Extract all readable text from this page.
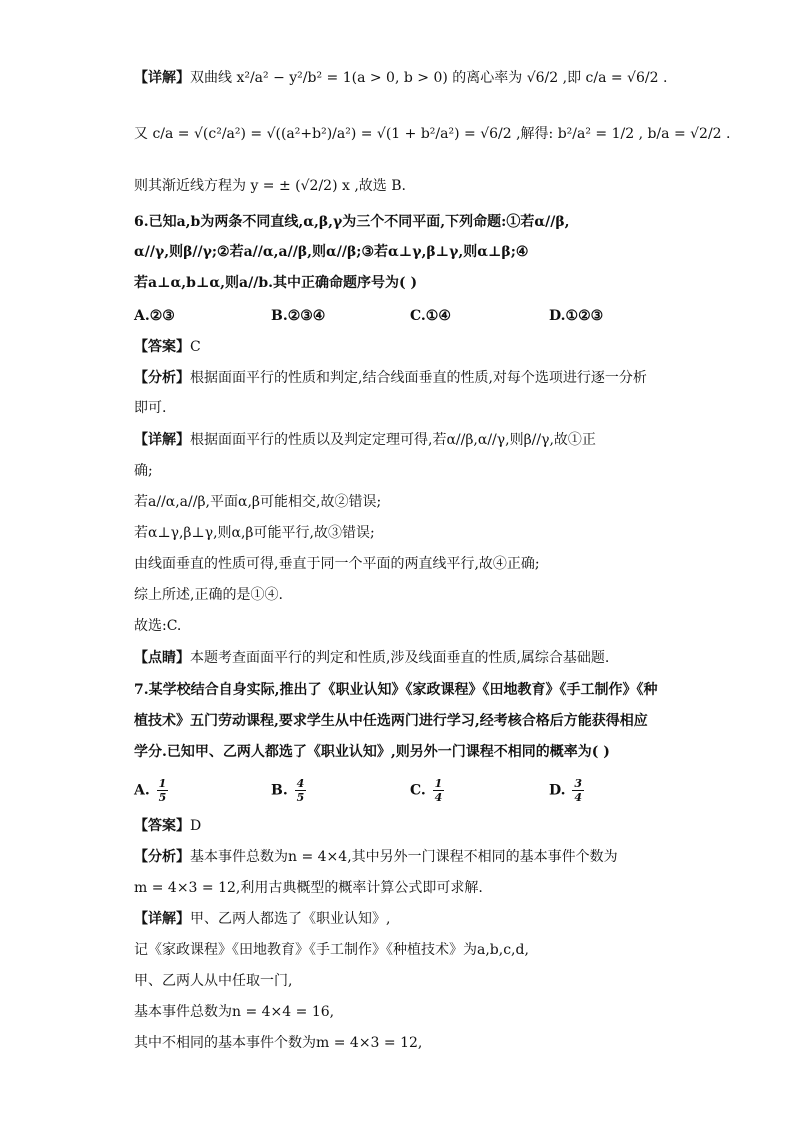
【详解】双曲线 x²/a² − y²/b² = 1(a > 0, b > 0) 的离心率为 √6/2 ,即 c/a = √6/2 .
又 c/a = √(c²/a²) = √((a²+b²)/a²) = √(1 + b²/a²) = √6/2 ,解得: b²/a² = 1/2 , b/a = √2/2 .
则其渐近线方程为 y = ± (√2/2) x ,故选 B.
6.已知a,b为两条不同直线,α,β,γ为三个不同平面,下列命题:①若α//β,
α//γ,则β//γ;②若a//α,a//β,则α//β;③若α⊥γ,β⊥γ,则α⊥β;④
若a⊥α,b⊥α,则a//b.其中正确命题序号为( )
A.②③	B.②③④	C.①④	D.①②③
【答案】C
【分析】根据面面平行的性质和判定,结合线面垂直的性质,对每个选项进行逐一分析
即可.
【详解】根据面面平行的性质以及判定定理可得,若α//β,α//γ,则β//γ,故①正
确;
若a//α,a//β,平面α,β可能相交,故②错误;
若α⊥γ,β⊥γ,则α,β可能平行,故③错误;
由线面垂直的性质可得,垂直于同一个平面的两直线平行,故④正确;
综上所述,正确的是①④.
故选:C.
【点睛】本题考查面面平行的判定和性质,涉及线面垂直的性质,属综合基础题.
7.某学校结合自身实际,推出了《职业认知》《家政课程》《田地教育》《手工制作》《种
植技术》五门劳动课程,要求学生从中任选两门进行学习,经考核合格后方能获得相应
学分.已知甲、乙两人都选了《职业认知》,则另外一门课程不相同的概率为( )
A. $\frac{1}{5}$	B. $\frac{4}{5}$	C. $\frac{1}{4}$	D. $\frac{3}{4}$
【答案】D
【分析】基本事件总数为n = 4×4,其中另外一门课程不相同的基本事件个数为
m = 4×3 = 12,利用古典概型的概率计算公式即可求解.
【详解】甲、乙两人都选了《职业认知》,
记《家政课程》《田地教育》《手工制作》《种植技术》为a,b,c,d,
甲、乙两人从中任取一门,
基本事件总数为n = 4×4 = 16,
其中不相同的基本事件个数为m = 4×3 = 12,
